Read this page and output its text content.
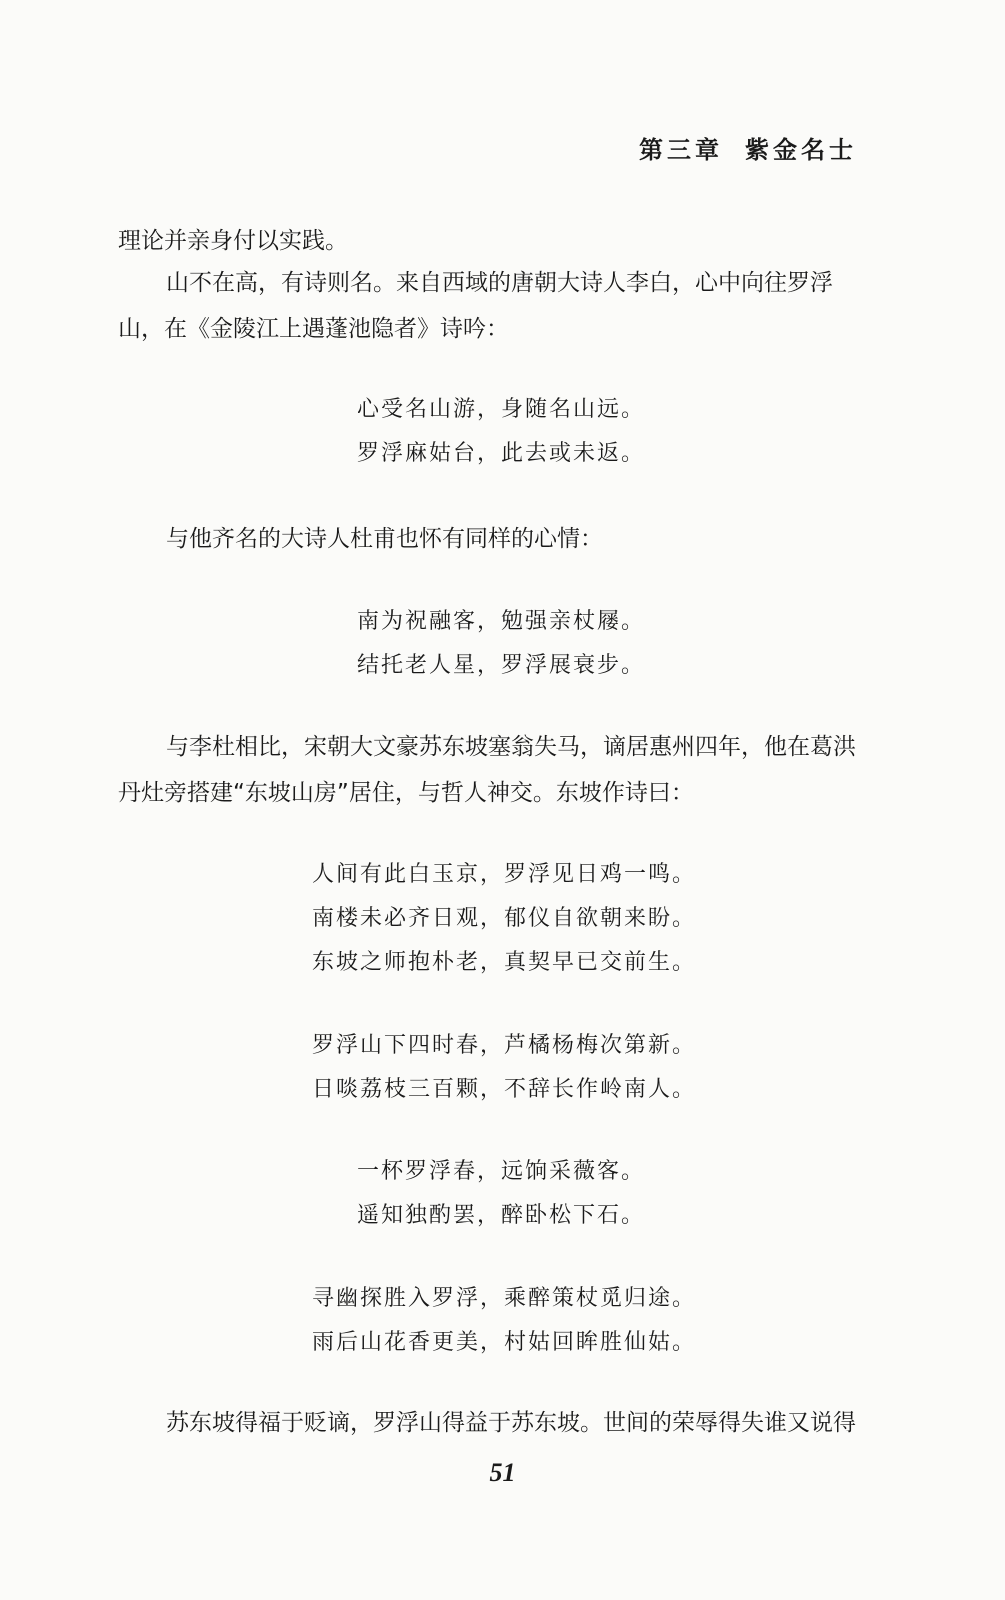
第三章 紫金名士

理论并亲身付以实践。

山不在高，有诗则名。来自西域的唐朝大诗人李白，心中向往罗浮山，在《金陵江上遇蓬池隐者》诗吟：

心受名山游，身随名山远。
罗浮麻姑台，此去或未返。

与他齐名的大诗人杜甫也怀有同样的心情：

南为祝融客，勉强亲杖屦。
结托老人星，罗浮展衰步。

与李杜相比，宋朝大文豪苏东坡塞翁失马，谪居惠州四年，他在葛洪丹灶旁搭建“东坡山房”居住，与哲人神交。东坡作诗曰：

人间有此白玉京，罗浮见日鸡一鸣。
南楼未必齐日观，郁仪自欲朝来盼。
东坡之师抱朴老，真契早已交前生。
罗浮山下四时春，芦橘杨梅次第新。
日啖荔枝三百颗，不辞长作岭南人。
一杯罗浮春，远饷采薇客。
遥知独酌罢，醉卧松下石。
寻幽探胜入罗浮，乘醉策杖觅归途。
雨后山花香更美，村姑回眸胜仙姑。

苏东坡得福于贬谪，罗浮山得益于苏东坡。世间的荣辱得失谁又说得

51
